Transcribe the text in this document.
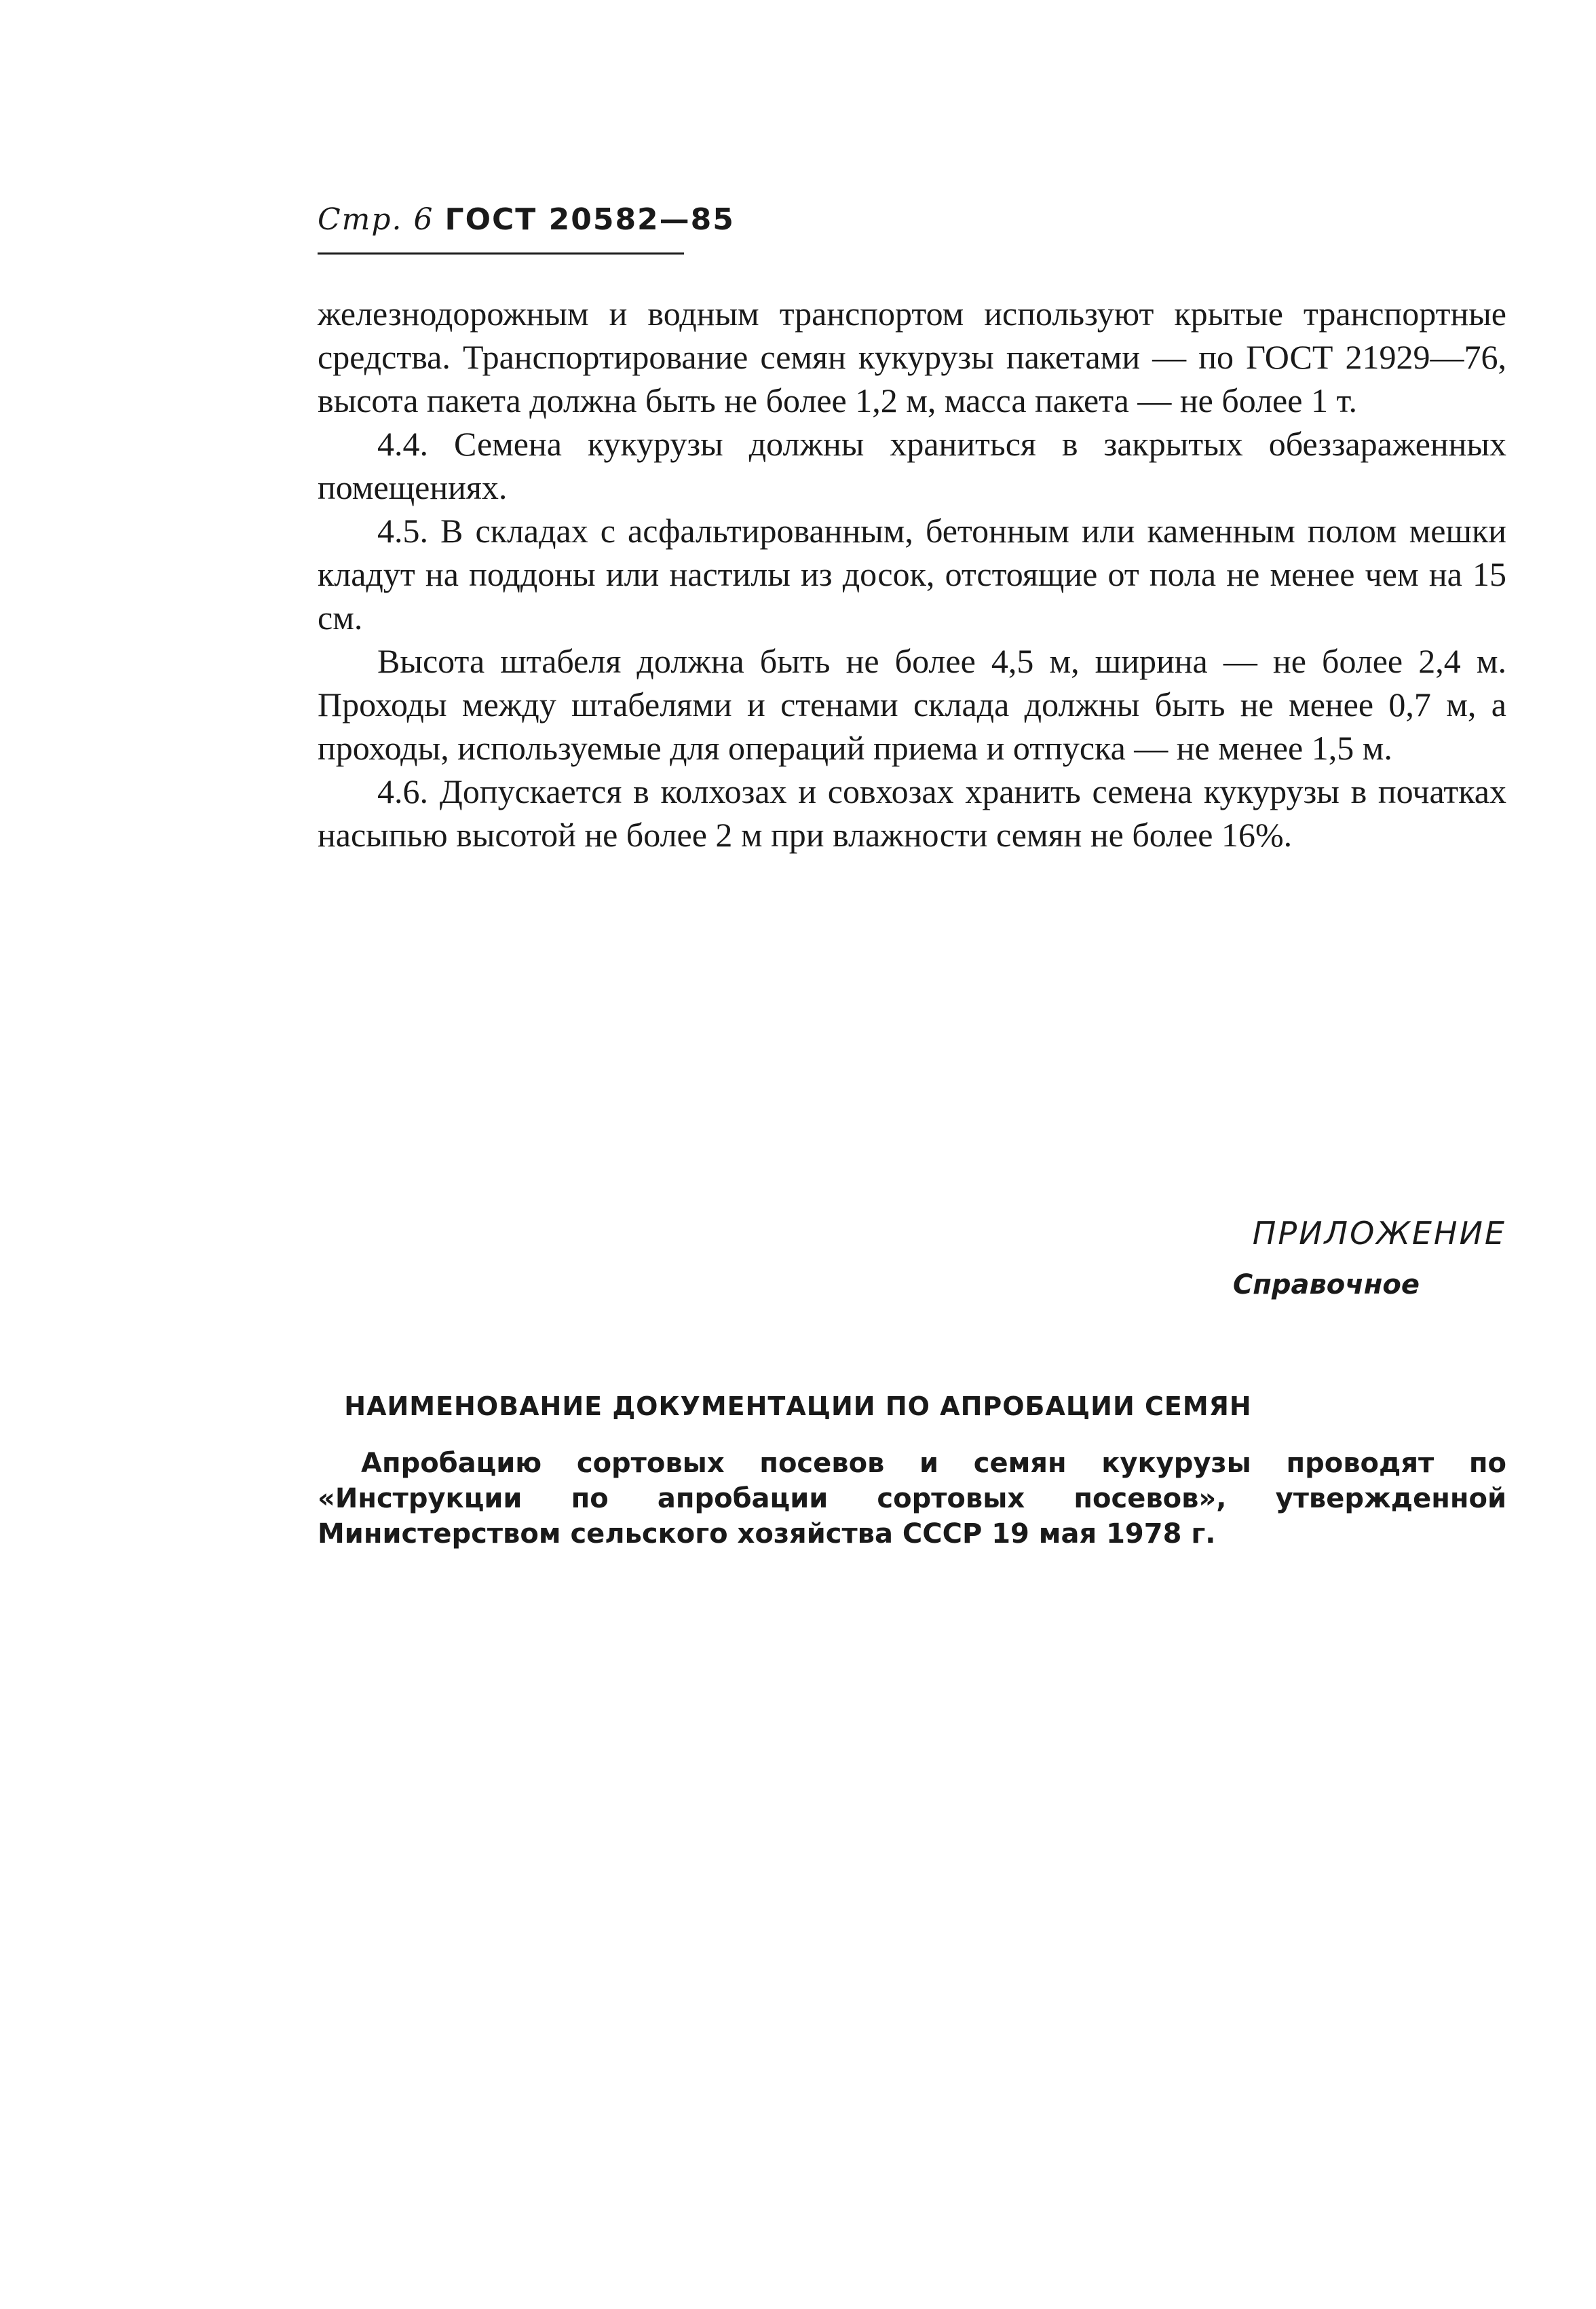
Стр. 6 ГОСТ 20582—85

железнодорожным и водным транспортом используют крытые транспортные средства. Транспортирование семян кукурузы пакетами — по ГОСТ 21929—76, высота пакета должна быть не более 1,2 м, масса пакета — не более 1 т.

4.4. Семена кукурузы должны храниться в закрытых обеззараженных помещениях.

4.5. В складах с асфальтированным, бетонным или каменным полом мешки кладут на поддоны или настилы из досок, отстоящие от пола не менее чем на 15 см.

Высота штабеля должна быть не более 4,5 м, ширина — не более 2,4 м. Проходы между штабелями и стенами склада должны быть не менее 0,7 м, а проходы, используемые для операций приема и отпуска — не менее 1,5 м.

4.6. Допускается в колхозах и совхозах хранить семена кукурузы в початках насыпью высотой не более 2 м при влажности семян не более 16%.

ПРИЛОЖЕНИЕ
Справочное
НАИМЕНОВАНИЕ ДОКУМЕНТАЦИИ ПО АПРОБАЦИИ СЕМЯН

Апробацию сортовых посевов и семян кукурузы проводят по «Инструкции по апробации сортовых посевов», утвержденной Министерством сельского хозяйства СССР 19 мая 1978 г.
